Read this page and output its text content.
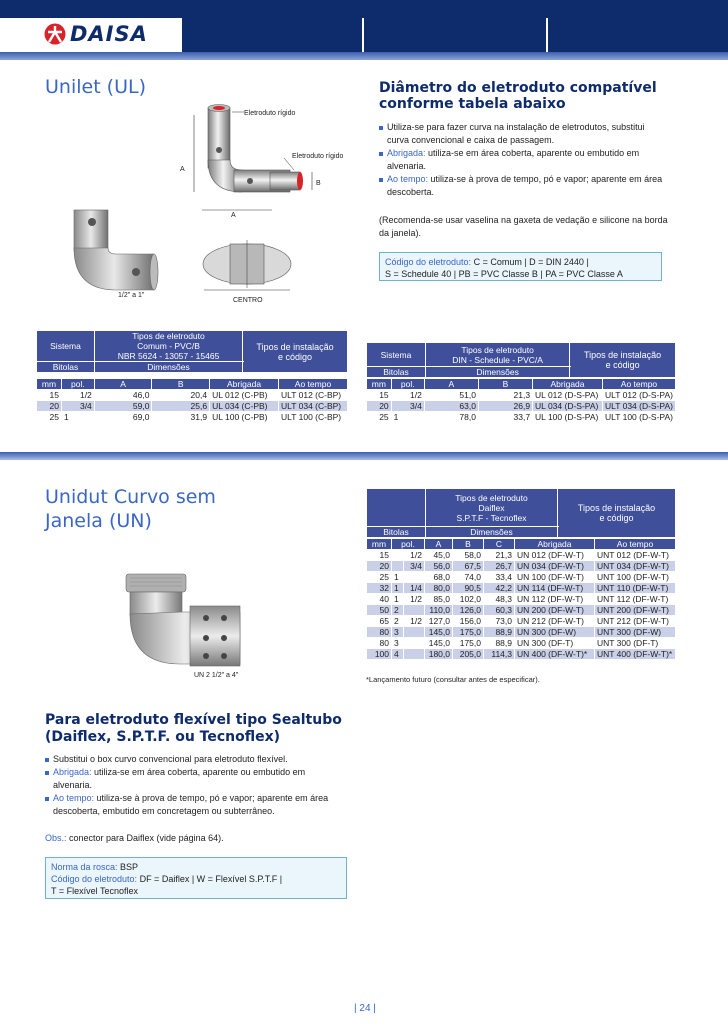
DAISA
Unilet (UL)
Eletroduto rígido
Eletroduto rígido
A
A
B
1/2" a 1"
CENTRO
Diâmetro do eletroduto compatível
conforme tabela abaixo
Utiliza-se para fazer curva na instalação de eletrodutos, substitui curva convencional e caixa de passagem.
Abrigada: utiliza-se em área coberta, aparente ou embutido em alvenaria.
Ao tempo: utiliza-se à prova de tempo, pó e vapor; aparente em área descoberta.
(Recomenda-se usar vaselina na gaxeta de vedação e silicone na borda da janela).
Código do eletroduto: C = Comum | D = DIN 2440 |
S = Schedule 40 | PB = PVC Classe B | PA = PVC Classe A
Sistema	Tipos de eletroduto
Comum - PVC/B
NBR 5624 - 13057 - 15465	Tipos de instalação
e código

Bitolas	Dimensões	
mm	pol.	A	B	Abrigada	Ao tempo
15	1/2	46,0	20,4	UL 012 (C-PB)	ULT 012 (C-BP)
20	3/4	59,0	25,6	UL 034 (C-PB)	ULT 034 (C-BP)
25	1	69,0	31,9	UL 100 (C-PB)	ULT 100 (C-BP)
Sistema	Tipos de eletroduto
DIN - Schedule - PVC/A	Tipos de instalação
e código

Bitolas	Dimensões	
mm	pol.	A	B	Abrigada	Ao tempo
15	1/2	51,0	21,3	UL 012 (D-S-PA)	ULT 012 (D-S-PA)
20	3/4	63,0	26,9	UL 034 (D-S-PA)	ULT 034 (D-S-PA)
25	1	78,0	33,7	UL 100 (D-S-PA)	ULT 100 (D-S-PA)
Unidut Curvo sem
Janela (UN)
UN 2 1/2" a 4"
	Tipos de eletroduto
Daiflex
S.P.T.F - Tecnoflex	Tipos de instalação
e código

Bitolas	Dimensões	
mm	pol.		A	B	C	Abrigada	Ao tempo
15		1/2	45,0	58,0	21,3	UN 012 (DF-W-T)	UNT 012 (DF-W-T)
20		3/4	56,0	67,5	26,7	UN 034 (DF-W-T)	UNT 034 (DF-W-T)
25	1		68,0	74,0	33,4	UN 100 (DF-W-T)	UNT 100 (DF-W-T)
32	1	1/4	80,0	90,5	42,2	UN 114 (DF-W-T)	UNT 110 (DF-W-T)
40	1	1/2	85,0	102,0	48,3	UN 112 (DF-W-T)	UNT 112 (DF-W-T)
50	2		110,0	126,0	60,3	UN 200 (DF-W-T)	UNT 200 (DF-W-T)
65	2	1/2	127,0	156,0	73,0	UN 212 (DF-W-T)	UNT 212 (DF-W-T)
80	3		145,0	175,0	88,9	UN 300 (DF-W)	UNT 300 (DF-W)
80	3		145,0	175,0	88,9	UN 300 (DF-T)	UNT 300 (DF-T)
100	4		180,0	205,0	114,3	UN 400 (DF-W-T)*	UNT 400 (DF-W-T)*
*Lançamento futuro (consultar antes de especificar).
Para eletroduto flexível tipo Sealtubo
(Daiflex, S.P.T.F. ou Tecnoflex)
Substitui o box curvo convencional para eletroduto flexível.
Abrigada: utiliza-se em área coberta, aparente ou embutido em alvenaria.
Ao tempo: utiliza-se à prova de tempo, pó e vapor; aparente em área descoberta, embutido em concretagem ou subterrâneo.
Obs.: conector para Daiflex (vide página 64).
Norma da rosca: BSP
Código do eletroduto: DF = Daiflex | W = Flexível S.P.T.F |
T = Flexível Tecnoflex
| 24 |
